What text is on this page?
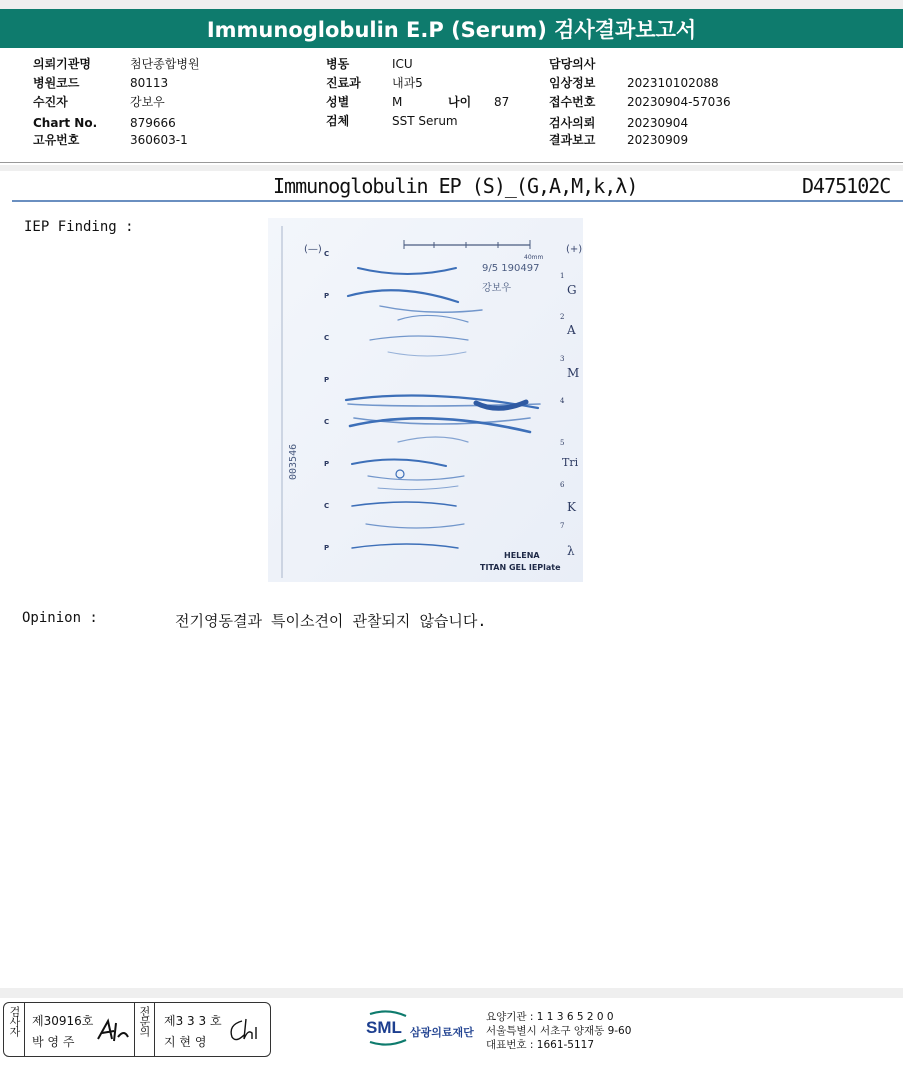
Immunoglobulin E.P (Serum) 검사결과보고서
의뢰기관명	첨단종합병원
병원코드	80113
수진자	강보우
Chart No.	879666
고유번호	360603-1
병동	ICU
진료과	내과5
성별	M	나이 87
검체	SST Serum
담당의사
임상정보	202310102088
접수번호	20230904-57036
검사의뢰	20230904
결과보고	20230909
Immunoglobulin EP (S)_(G,A,M,k,λ)	D475102C
IEP Finding :
(—)	(+)
40mm
9/5 190497
강보우
003546
C
P
C
P
C
P
C
P
1
G
2
A
3
M
4
5
Tri
6
K
7
λ
HELENA
TITAN GEL IEPlate
Opinion :	전기영동결과 특이소견이 관찰되지 않습니다.
검사자 제30916호
박 영 주
전문의 제3 3 3 호
지 현 영
SML 삼광의료재단
요양기관 : 1 1 3 6 5 2 0 0
서울특별시 서초구 양재동 9-60
대표번호 : 1661-5117
